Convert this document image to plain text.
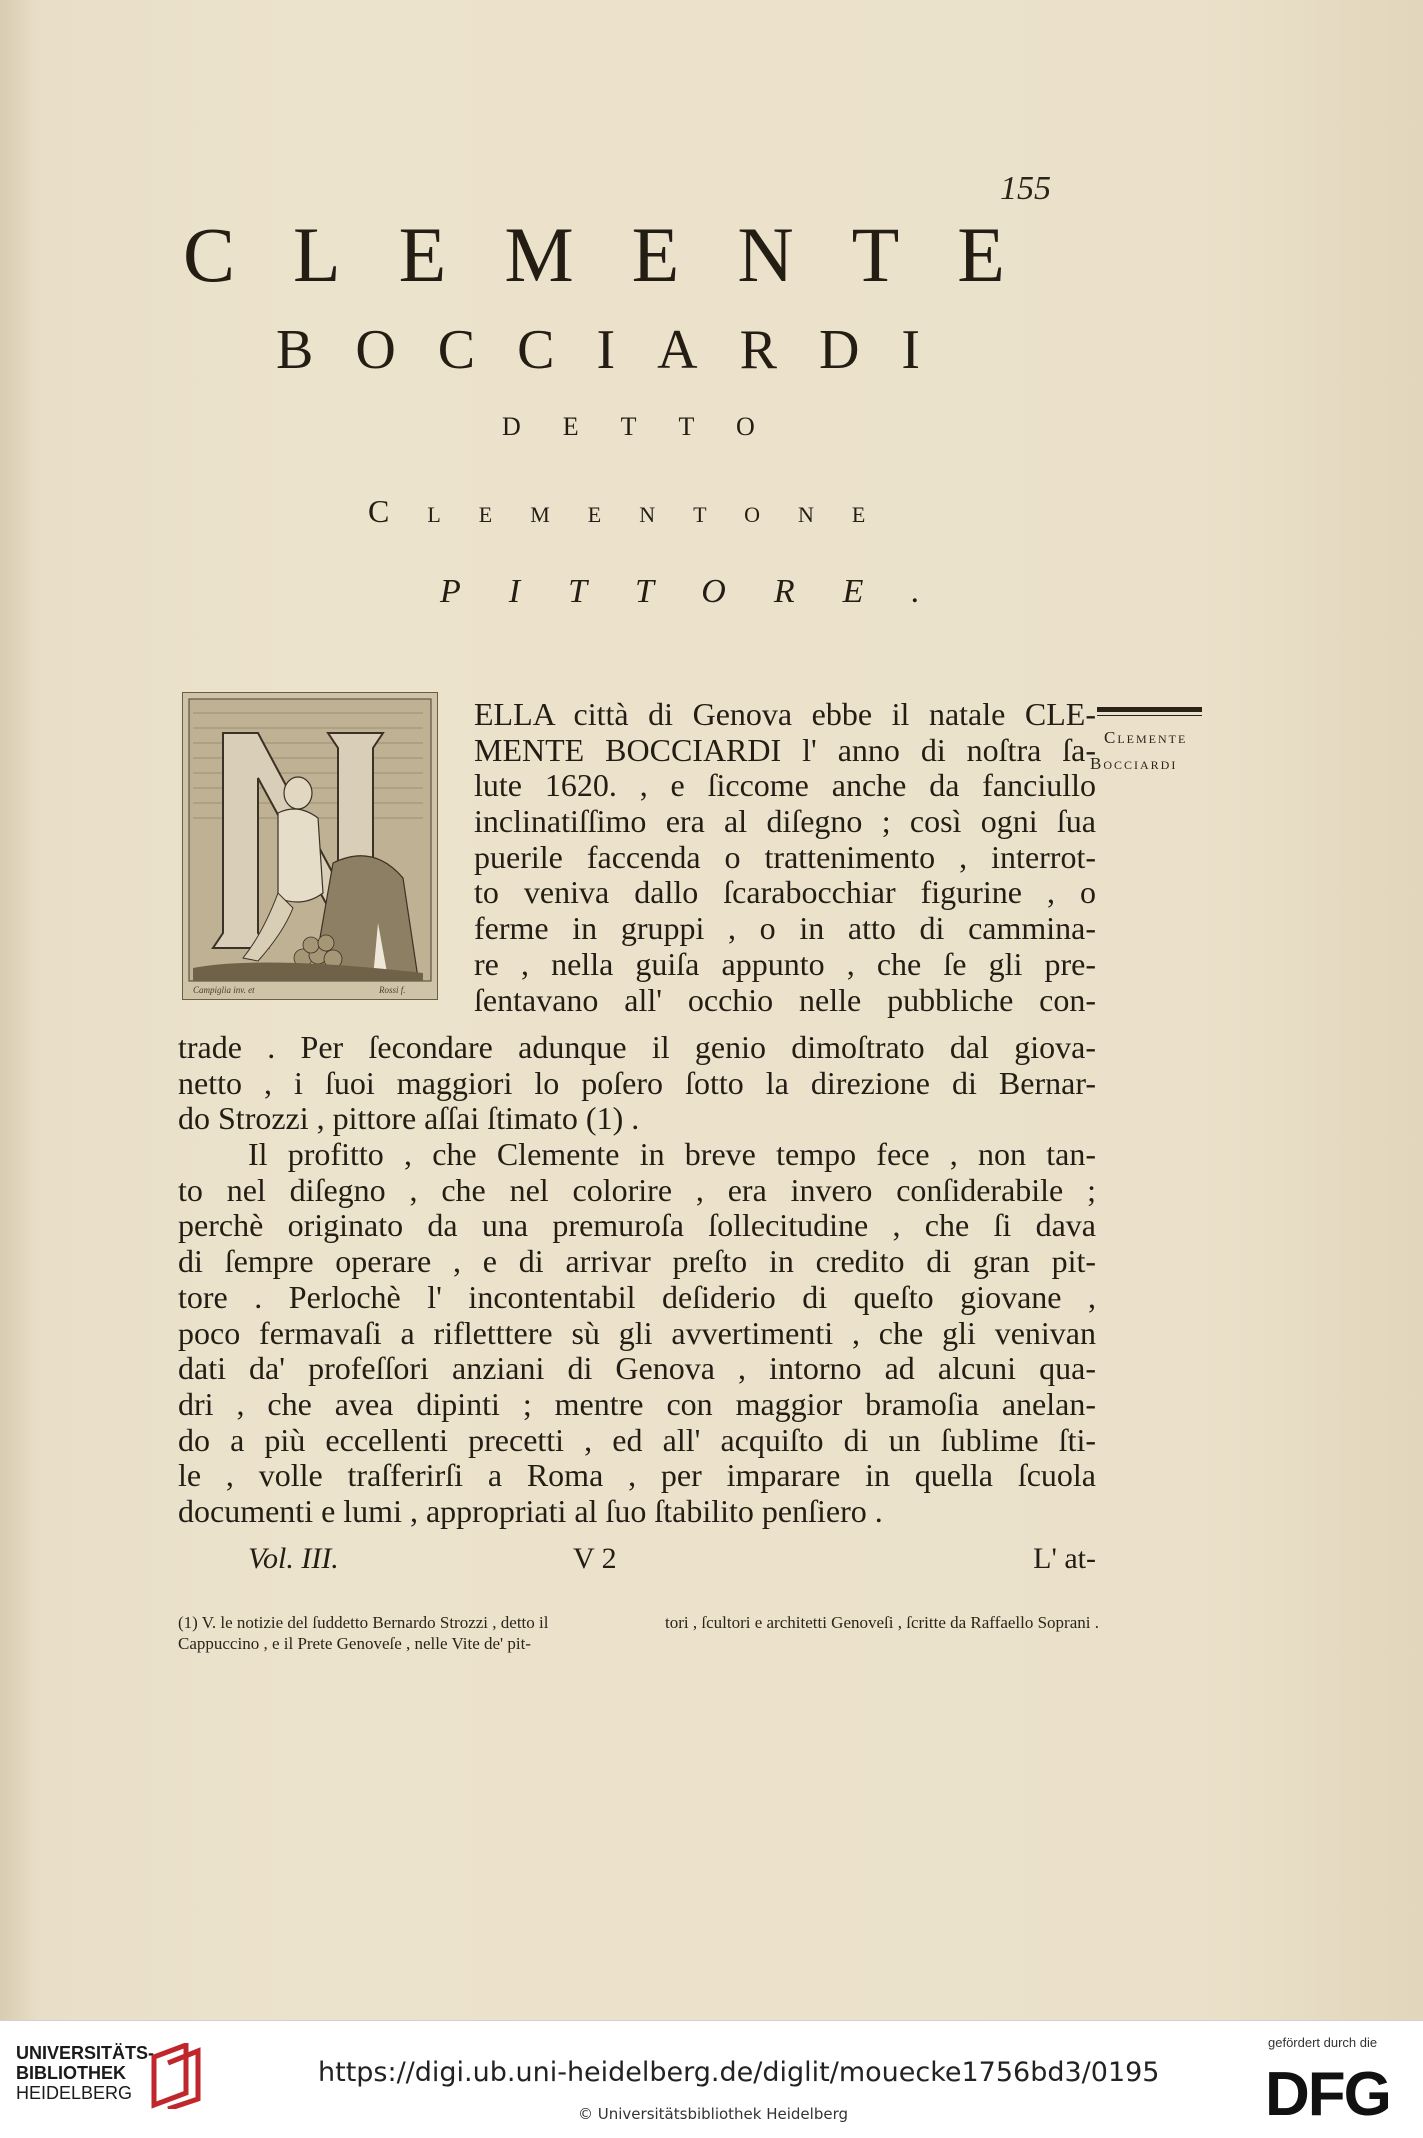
155
CLEMENTE
BOCCIARDI
DETTO
Clementone
PITTORE.
Campiglia inv. et	Rossi f.
Clemente
Bocciardi
ELLA città di Genova ebbe il natale CLE-
MENTE BOCCIARDI l' anno di noſtra ſa-
lute 1620. , e ſiccome anche da fanciullo
inclinatiſſimo era al diſegno ; così ogni ſua
puerile faccenda o trattenimento , interrot-
to veniva dallo ſcarabocchiar figurine , o
ferme in gruppi , o in atto di cammina-
re , nella guiſa appunto , che ſe gli pre-
ſentavano all' occhio nelle pubbliche con-
trade . Per ſecondare adunque il genio dimoſtrato dal giova-
netto , i ſuoi maggiori lo poſero ſotto la direzione di Bernar-
do Strozzi , pittore aſſai ſtimato (1) .
Il profitto , che Clemente in breve tempo fece , non tan-
to nel diſegno , che nel colorire , era invero conſiderabile ;
perchè originato da una premuroſa ſollecitudine , che ſi dava
di ſempre operare , e di arrivar preſto in credito di gran pit-
tore . Perlochè l' incontentabil deſiderio di queſto giovane ,
poco fermavaſi a rifletttere sù gli avvertimenti , che gli venivan
dati da' profeſſori anziani di Genova , intorno ad alcuni qua-
dri , che avea dipinti ; mentre con maggior bramoſia anelan-
do a più eccellenti precetti , ed all' acquiſto di un ſublime ſti-
le , volle traſferirſi a Roma , per imparare in quella ſcuola
documenti e lumi , appropriati al ſuo ſtabilito penſiero .
Vol. III.	V 2	L' at-
(1) V. le notizie del ſuddetto Bernardo Strozzi , detto il Cappuccino , e il Prete Genoveſe , nelle Vite de' pit-
tori , ſcultori e architetti Genoveſi , ſcritte da Raffaello Soprani .
UNIVERSITÄTS-
BIBLIOTHEK
HEIDELBERG
https://digi.ub.uni-heidelberg.de/diglit/mouecke1756bd3/0195
© Universitätsbibliothek Heidelberg
gefördert durch die
DFG
